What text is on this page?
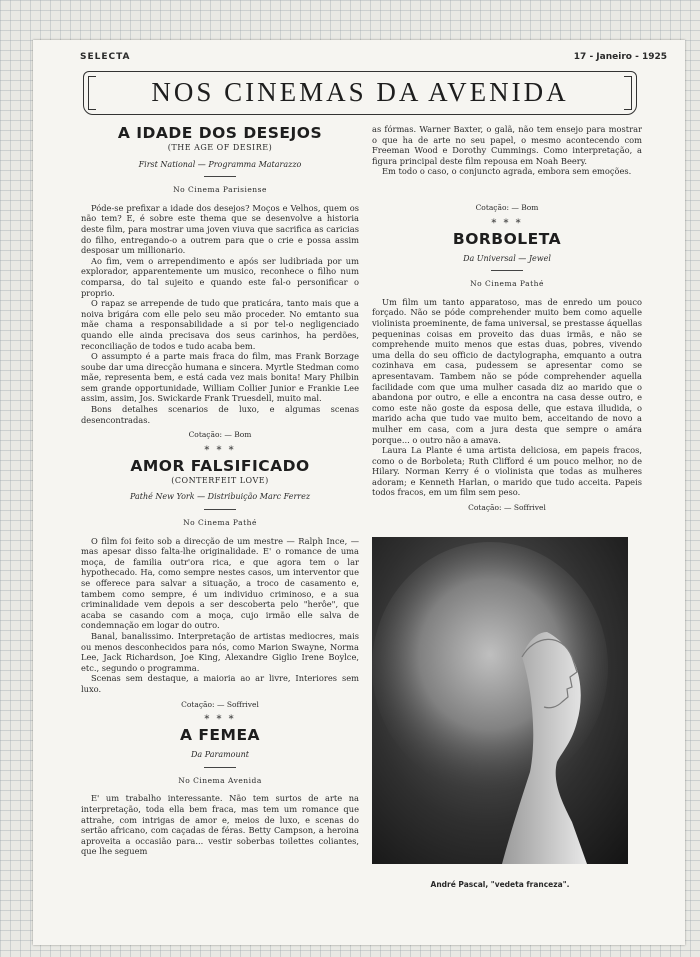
SELECTA	17 - Janeiro - 1925
NOS CINEMAS DA AVENIDA
A IDADE DOS DESEJOS
(THE AGE OF DESIRE)
First National — Programma Matarazzo
No Cinema Parisiense

Póde-se prefixar a idade dos desejos? Moços e Velhos, quem os não tem? E, é sobre este thema que se desenvolve a historia deste film, para mostrar uma joven viuva que sacrifica as caricias do filho, entregando-o a outrem para que o crie e possa assim desposar um millionario.

Ao fim, vem o arrependimento e após ser ludibriada por um explorador, apparentemente um musico, reconhece o filho num comparsa, do tal sujeito e quando este fal-o personificar o proprio.

O rapaz se arrepende de tudo que praticára, tanto mais que a noiva brigára com elle pelo seu mão proceder. No emtanto sua mãe chama a responsabilidade a si por tel-o negligenciado quando elle ainda precisava dos seus carinhos, ha perdões, reconciliação de todos e tudo acaba bem.

O assumpto é a parte mais fraca do film, mas Frank Borzage soube dar uma direcção humana e sincera. Myrtle Stedman como mãe, representa bem, e está cada vez mais bonita! Mary Philbin sem grande opportunidade, William Collier Junior e Frankie Lee assim, assim, Jos. Swickarde Frank Truesdell, muito mal.

Bons detalhes scenarios de luxo, e algumas scenas desencontradas.

Cotação: — Bom
* * *
AMOR FALSIFICADO
(CONTERFEIT LOVE)
Pathé New York — Distribuição Marc Ferrez
No Cinema Pathé

O film foi feito sob a direcção de um mestre — Ralph Ince, — mas apesar disso falta-lhe originalidade. E' o romance de uma moça, de familia outr'ora rica, e que agora tem o lar hypothecado. Ha, como sempre nestes casos, um interventor que se offerece para salvar a situação, a troco de casamento e, tambem como sempre, é um individuo criminoso, e a sua criminalidade vem depois a ser descoberta pelo "herôe", que acaba se casando com a moça, cujo irmão elle salva de condemnação em logar do outro.

Banal, banalissimo. Interpretação de artistas mediocres, mais ou menos desconhecidos para nós, como Marion Swayne, Norma Lee, Jack Richardson, Joe King, Alexandre Giglio Irene Boylce, etc., segundo o programma.

Scenas sem destaque, a maioria ao ar livre, Interiores sem luxo.

Cotação: — Soffrivel
* * *
A FEMEA
Da Paramount
No Cinema Avenida

E' um trabalho interessante. Não tem surtos de arte na interpretação, toda ella bem fraca, mas tem um romance que attrahe, com intrigas de amor e, meios de luxo, e scenas do sertão africano, com caçadas de féras. Betty Campson, a heroina aproveita a occasião para... vestir soberbas toilettes coliantes, que lhe seguem

as fórmas. Warner Baxter, o galã, não tem ensejo para mostrar o que ha de arte no seu papel, o mesmo acontecendo com Freeman Wood e Dorothy Cummings. Como interpretação, a figura principal deste film repousa em Noah Beery.

Em todo o caso, o conjuncto agrada, embora sem emoções.

Cotação: — Bom
* * *
BORBOLETA
Da Universal — Jewel
No Cinema Pathé

Um film um tanto apparatoso, mas de enredo um pouco forçado. Não se póde comprehender muito bem como aquelle violinista proeminente, de fama universal, se prestasse áquellas pequeninas coisas em proveito das duas irmãs, e não se comprehende muito menos que estas duas, pobres, vivendo uma della do seu officio de dactylographa, emquanto a outra cozinhava em casa, pudessem se apresentar como se apresentavam. Tambem não se póde comprehender aquella facilidade com que uma mulher casada diz ao marido que o abandona por outro, e elle a encontra na casa desse outro, e como este não goste da esposa delle, que estava illudida, o marido acha que tudo vae muito bem, acceitando de novo a mulher em casa, com a jura desta que sempre o amára porque... o outro não a amava.

Laura La Plante é uma artista deliciosa, em papeis fracos, como o de Borboleta; Ruth Clifford é um pouco melhor, no de Hilary. Norman Kerry é o violinista que todas as mulheres adoram; e Kenneth Harlan, o marido que tudo acceita. Papeis todos fracos, em um film sem peso.

Cotação: — Soffrivel
André Pascal, "vedeta franceza".
